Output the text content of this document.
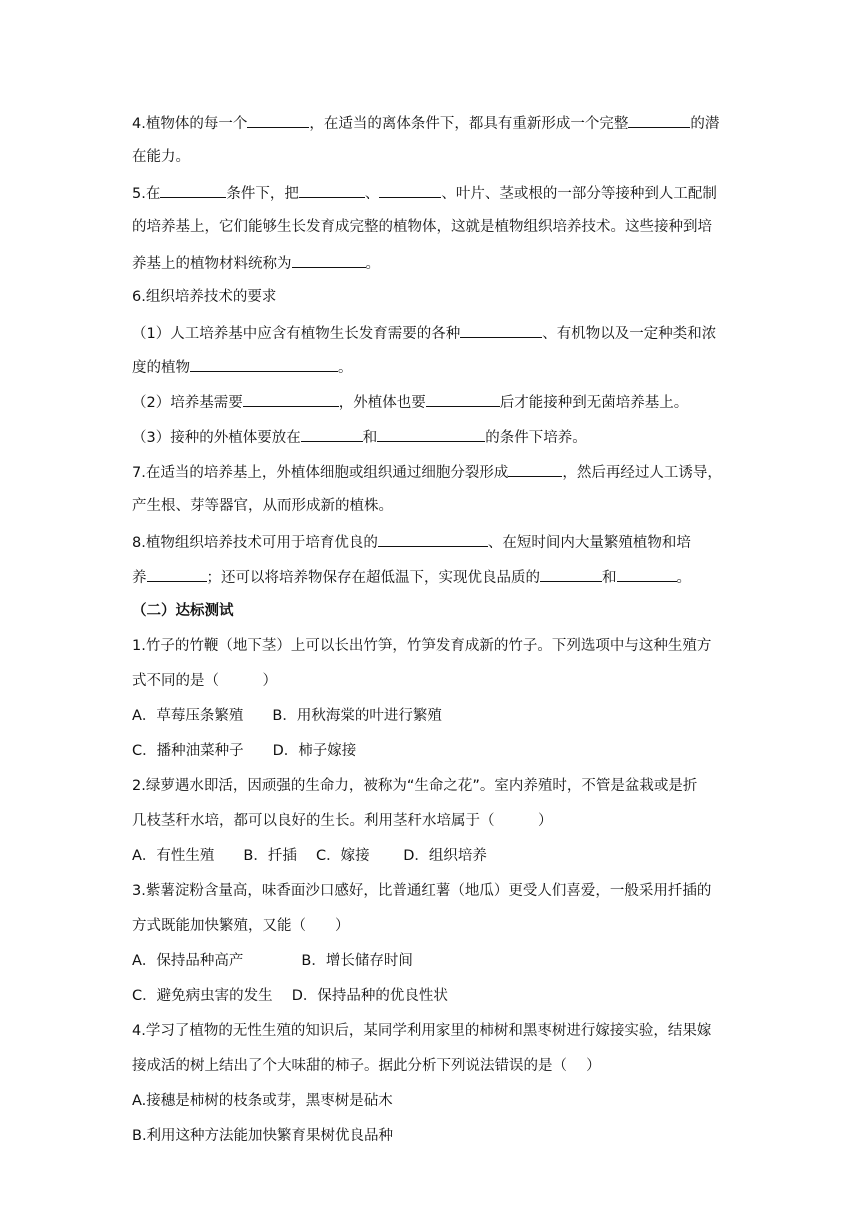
4.植物体的每一个	，在适当的离体条件下，都具有重新形成一个完整	的潜
在能力。
5.在	条件下，把	、	、叶片、茎或根的一部分等接种到人工配制
的培养基上，它们能够生长发育成完整的植物体，这就是植物组织培养技术。这些接种到培
养基上的植物材料统称为	。
6.组织培养技术的要求
（1）人工培养基中应含有植物生长发育需要的各种	、有机物以及一定种类和浓
度的植物	。
（2）培养基需要	，外植体也要	后才能接种到无菌培养基上。
（3）接种的外植体要放在	和	的条件下培养。
7.在适当的培养基上，外植体细胞或组织通过细胞分裂形成	，然后再经过人工诱导，
产生根、芽等器官，从而形成新的植株。
8.植物组织培养技术可用于培育优良的	、在短时间内大量繁殖植物和培
养	；还可以将培养物保存在超低温下，实现优良品质的	和	。
（二）达标测试
1.竹子的竹鞭（地下茎）上可以长出竹笋，竹笋发育成新的竹子。下列选项中与这种生殖方
式不同的是（　　　）
A．草莓压条繁殖　　B．用秋海棠的叶进行繁殖
C．播种油菜种子　　D．柿子嫁接
2.绿萝遇水即活，因顽强的生命力，被称为“生命之花”。室内养殖时，不管是盆栽或是折
几枝茎秆水培，都可以良好的生长。利用茎秆水培属于（　　　）
A．有性生殖　　B．扦插　 C．嫁接　　 D．组织培养
3.紫薯淀粉含量高，味香面沙口感好，比普通红薯（地瓜）更受人们喜爱，一般采用扦插的
方式既能加快繁殖，又能（　　）
A．保持品种高产　　　　B．增长储存时间
C．避免病虫害的发生　 D．保持品种的优良性状
4.学习了植物的无性生殖的知识后，某同学利用家里的柿树和黑枣树进行嫁接实验，结果嫁
接成活的树上结出了个大味甜的柿子。据此分析下列说法错误的是（　 ）
A.接穗是柿树的枝条或芽，黑枣树是砧木
B.利用这种方法能加快繁育果树优良品种
